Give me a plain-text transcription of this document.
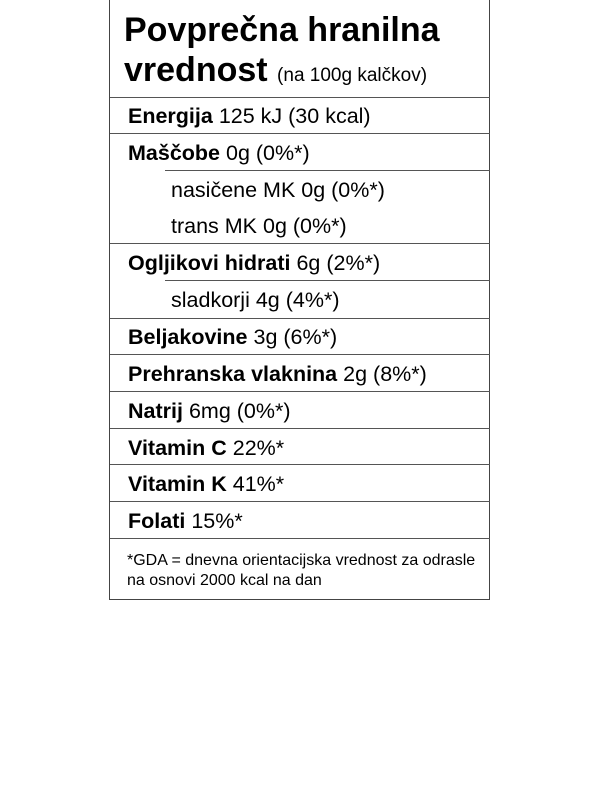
Povprečna hranilna
vrednost (na 100g kalčkov)
Energija 125 kJ (30 kcal)
Maščobe 0g (0%*)
nasičene MK 0g (0%*)
trans MK 0g (0%*)
Ogljikovi hidrati 6g (2%*)
sladkorji 4g (4%*)
Beljakovine 3g (6%*)
Prehranska vlaknina 2g (8%*)
Natrij 6mg (0%*)
Vitamin C 22%*
Vitamin K 41%*
Folati 15%*
*GDA = dnevna orientacijska vrednost za odrasle na osnovi 2000 kcal na dan
